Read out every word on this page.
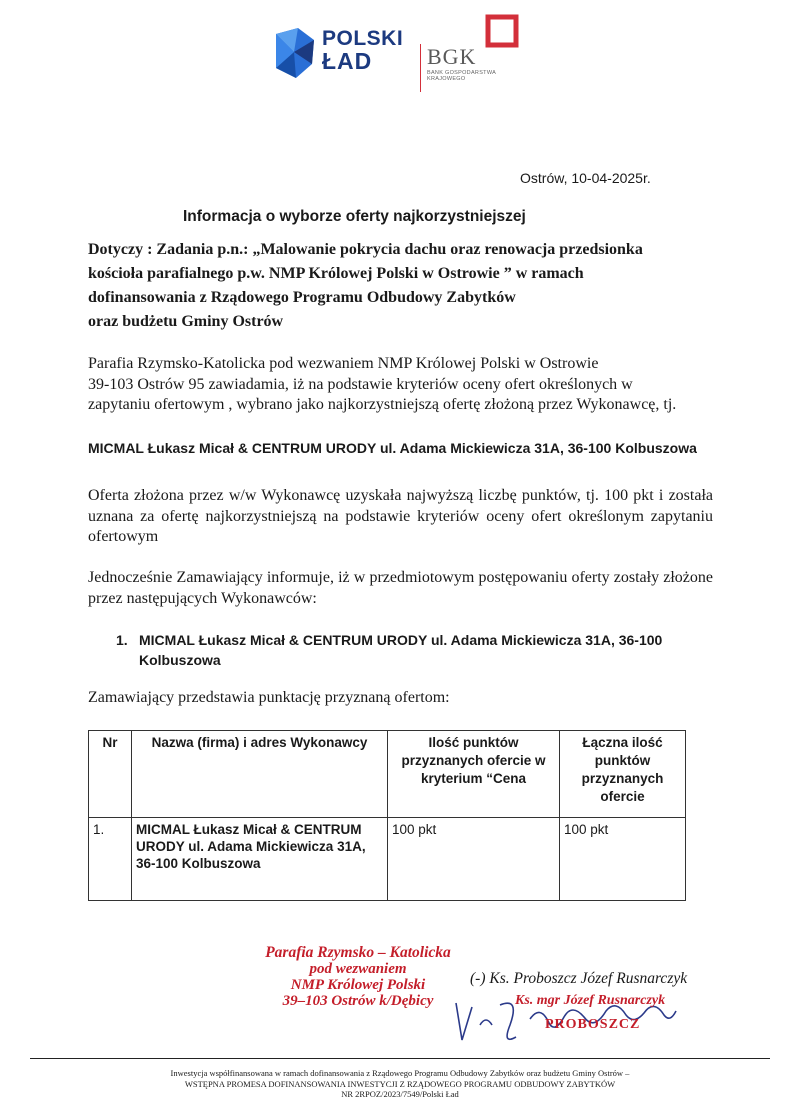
POLSKI
ŁAD	BGK
BANK GOSPODARSTWA KRAJOWEGO
Ostrów, 10-04-2025r.
Informacja o wyborze oferty najkorzystniejszej

Dotyczy : Zadania p.n.: „Malowanie pokrycia dachu oraz renowacja przedsionka
kościoła parafialnego p.w. NMP Królowej Polski w Ostrowie ” w ramach
dofinansowania z Rządowego Programu Odbudowy Zabytków
oraz budżetu Gminy Ostrów

Parafia Rzymsko-Katolicka pod wezwaniem NMP Królowej Polski w Ostrowie
39-103 Ostrów 95 zawiadamia, iż na podstawie kryteriów oceny ofert określonych w
zapytaniu ofertowym , wybrano jako najkorzystniejszą ofertę złożoną przez Wykonawcę, tj.

MICMAL Łukasz Micał & CENTRUM URODY ul. Adama Mickiewicza 31A, 36-100 Kolbuszowa

Oferta złożona przez w/w Wykonawcę uzyskała najwyższą liczbę punktów, tj. 100 pkt i została uznana za ofertę najkorzystniejszą na podstawie kryteriów oceny ofert określonym zapytaniu ofertowym

Jednocześnie Zamawiający informuje, iż w przedmiotowym postępowaniu oferty zostały złożone przez następujących Wykonawców:

1. MICMAL Łukasz Micał & CENTRUM URODY ul. Adama Mickiewicza 31A, 36-100 Kolbuszowa

Zamawiający przedstawia punktację przyznaną ofertom:

Nr	Nazwa (firma) i adres Wykonawcy	Ilość punktów przyznanych ofercie w kryterium “Cena	Łączna ilość punktów przyznanych ofercie
1.	MICMAL Łukasz Micał & CENTRUM URODY ul. Adama Mickiewicza 31A, 36-100 Kolbuszowa	100 pkt	100 pkt
Parafia Rzymsko – Katolicka
pod wezwaniem
NMP Królowej Polski
39–103 Ostrów k/Dębicy
(-) Ks. Proboszcz Józef Rusnarczyk
Ks. mgr Józef Rusnarczyk
PROBOSZCZ

Inwestycja współfinansowana w ramach dofinansowania z Rządowego Programu Odbudowy Zabytków oraz budżetu Gminy Ostrów –
WSTĘPNA PROMESA DOFINANSOWANIA INWESTYCJI Z RZĄDOWEGO PROGRAMU ODBUDOWY ZABYTKÓW
NR 2RPOZ/2023/7549/Polski Ład
